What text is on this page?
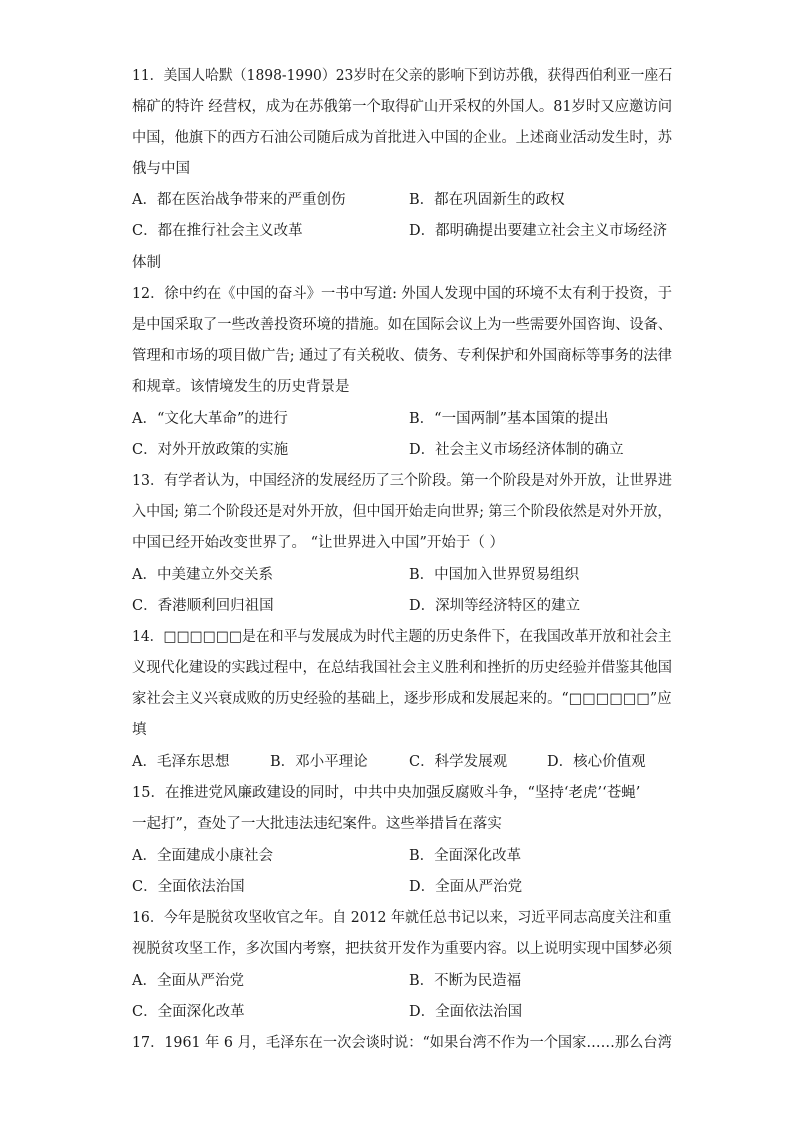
11．美国人哈默（1898-1990）23岁时在父亲的影响下到访苏俄，获得西伯利亚一座石
棉矿的特许 经营权，成为在苏俄第一个取得矿山开采权的外国人。81岁时又应邀访问
中国，他旗下的西方石油公司随后成为首批进入中国的企业。上述商业活动发生时，苏
俄与中国
A．都在医治战争带来的严重创伤	B．都在巩固新生的政权
C．都在推行社会主义改革	D．都明确提出要建立社会主义市场经济
体制
12．徐中约在《中国的奋斗》一书中写道: 外国人发现中国的环境不太有利于投资，于
是中国采取了一些改善投资环境的措施。如在国际会议上为一些需要外国咨询、设备、
管理和市场的项目做广告; 通过了有关税收、债务、专利保护和外国商标等事务的法律
和规章。该情境发生的历史背景是
A．“文化大革命”的进行	B．“一国两制”基本国策的提出
C．对外开放政策的实施	D．社会主义市场经济体制的确立
13．有学者认为，中国经济的发展经历了三个阶段。第一个阶段是对外开放，让世界进
入中国; 第二个阶段还是对外开放，但中国开始走向世界; 第三个阶段依然是对外开放，
中国已经开始改变世界了。 “让世界进入中国”开始于（ ）
A．中美建立外交关系	B．中国加入世界贸易组织
C．香港顺利回归祖国	D．深圳等经济特区的建立
14．□□□□□□是在和平与发展成为时代主题的历史条件下，在我国改革开放和社会主
义现代化建设的实践过程中，在总结我国社会主义胜利和挫折的历史经验并借鉴其他国
家社会主义兴衰成败的历史经验的基础上，逐步形成和发展起来的。“□□□□□□”应
填
A．毛泽东思想	B．邓小平理论	C．科学发展观	D．核心价值观
15．在推进党风廉政建设的同时，中共中央加强反腐败斗争，“坚持‘老虎’‘苍蝇’
一起打”，查处了一大批违法违纪案件。这些举措旨在落实
A．全面建成小康社会	B．全面深化改革
C．全面依法治国	D．全面从严治党
16．今年是脱贫攻坚收官之年。自 2012 年就任总书记以来，习近平同志高度关注和重
视脱贫攻坚工作，多次国内考察，把扶贫开发作为重要内容。以上说明实现中国梦必须
A．全面从严治党	B．不断为民造福
C．全面深化改革	D．全面依法治国
17．1961 年 6 月，毛泽东在一次会谈时说：“如果台湾不作为一个国家……那么台湾
